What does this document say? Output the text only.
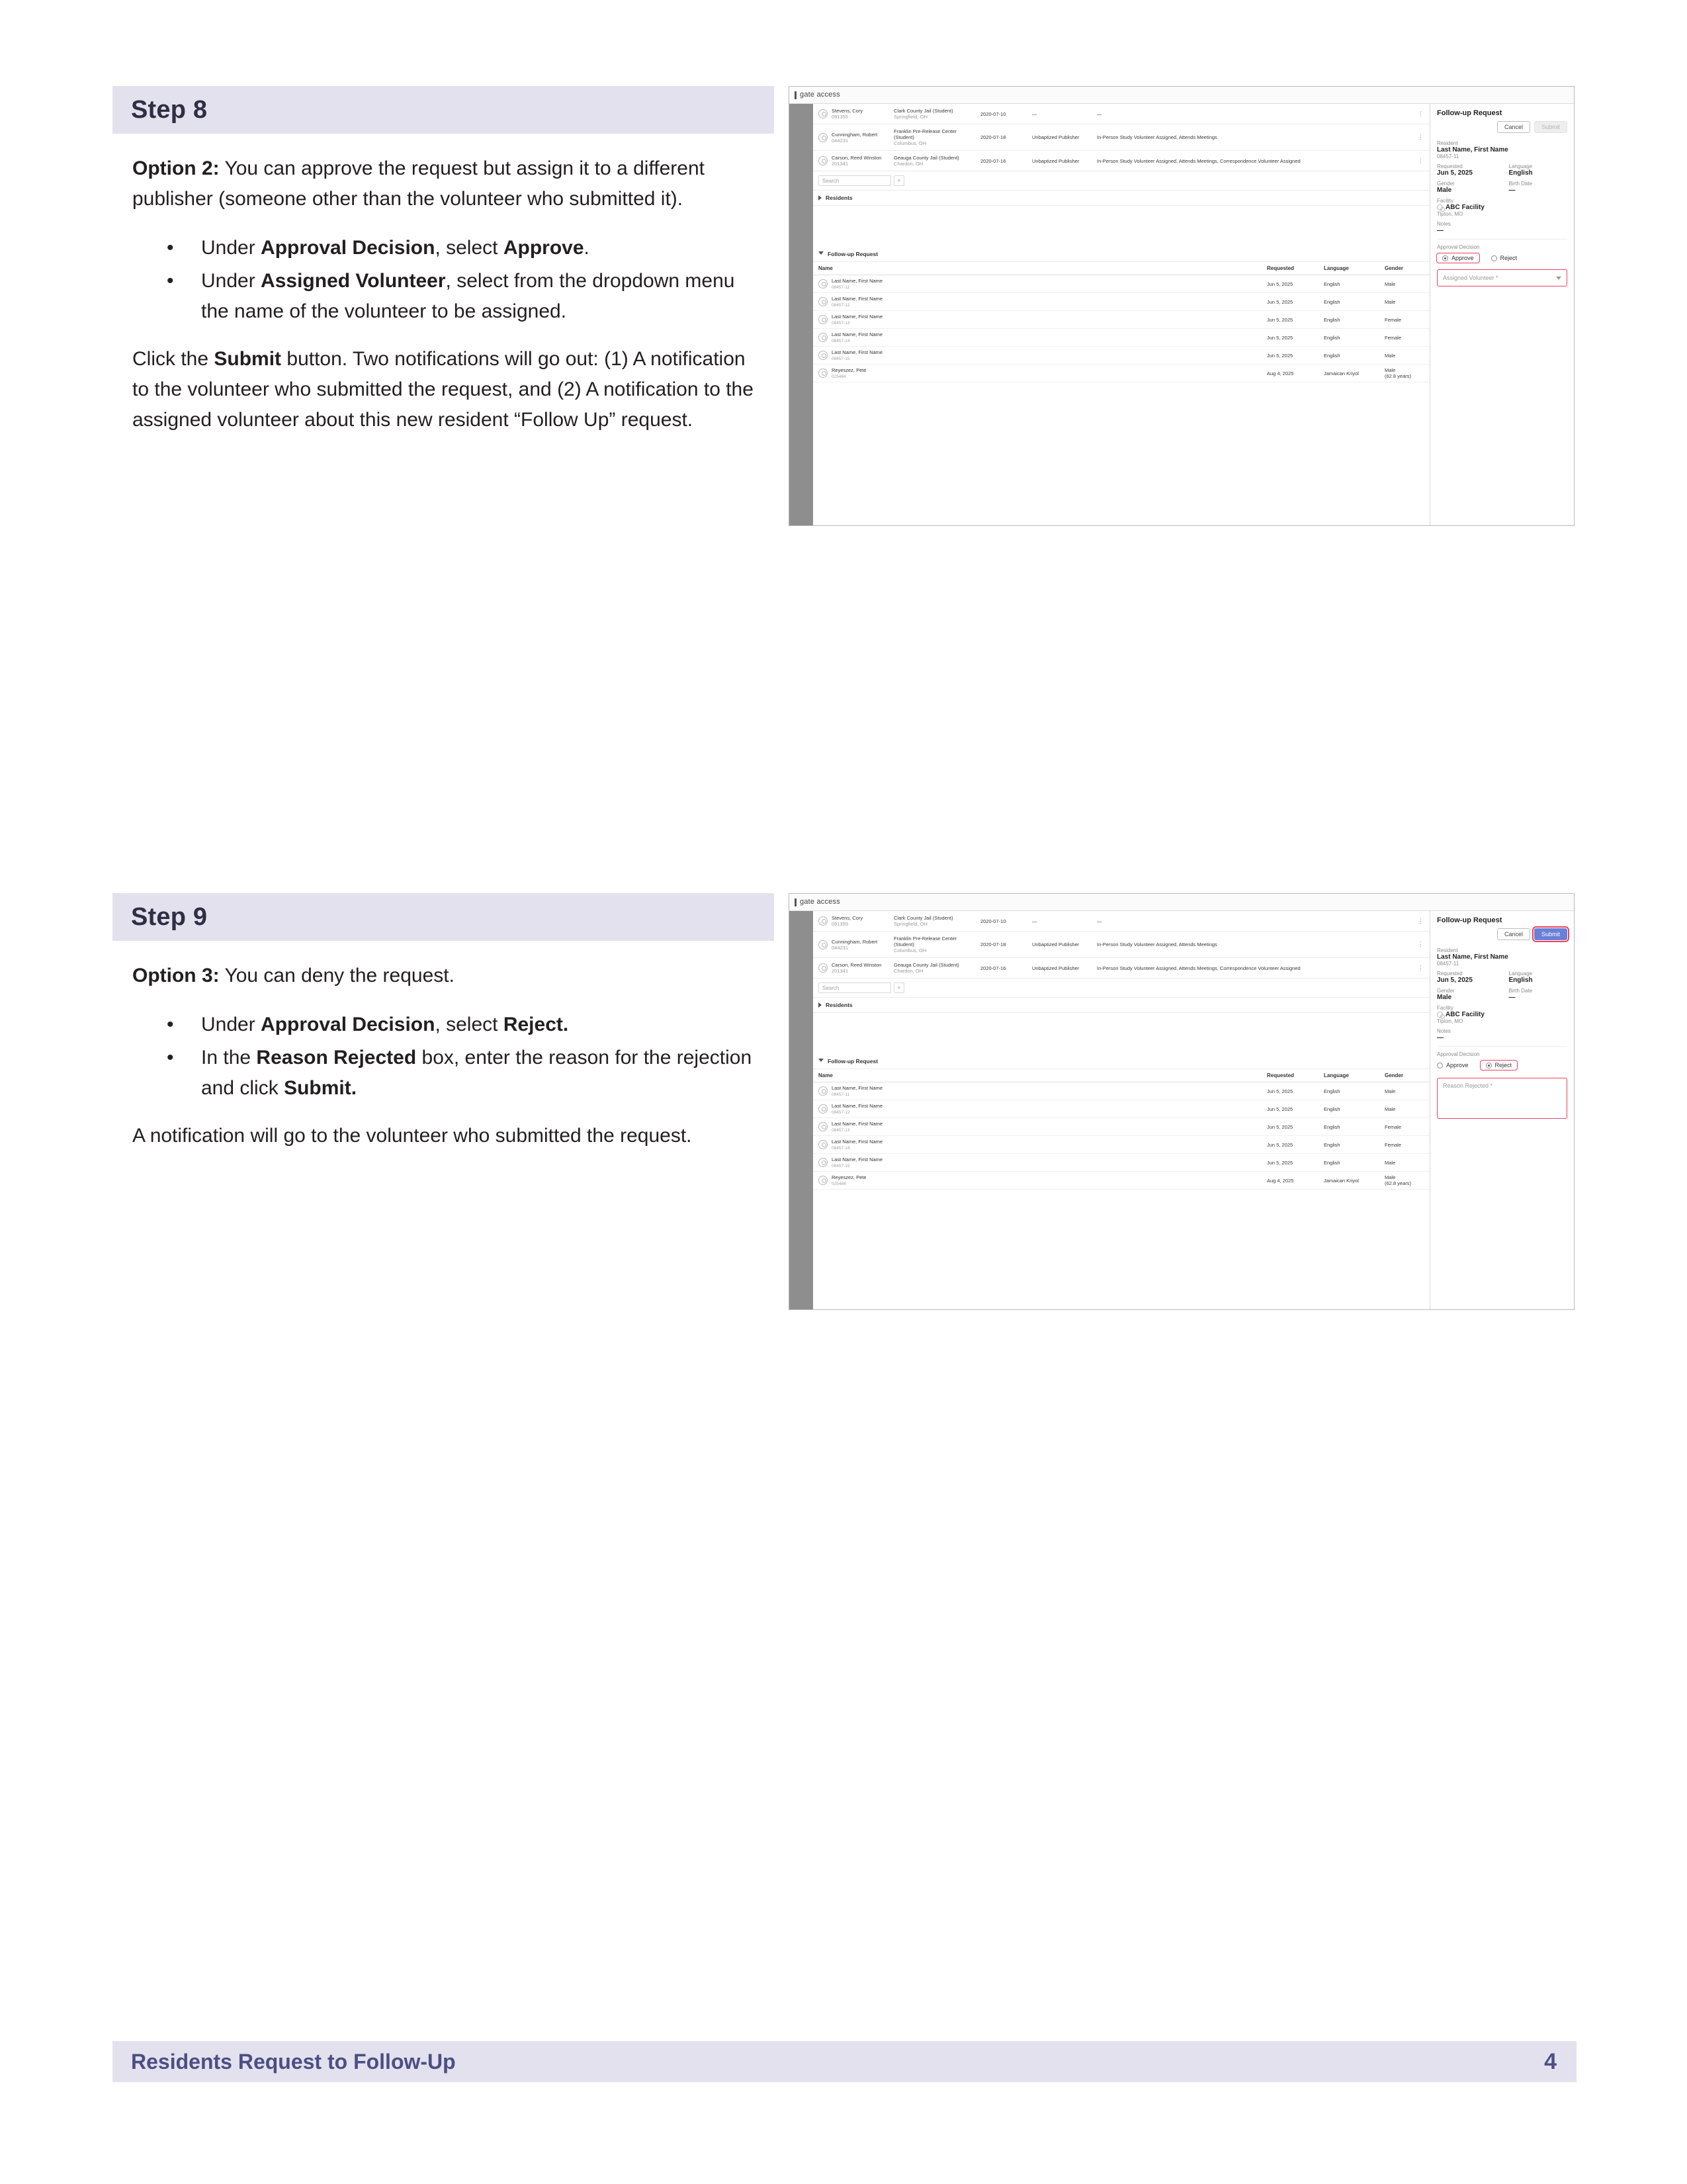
Step 8

Option 2: You can approve the request but assign it to a different publisher (someone other than the volunteer who submitted it).

• Under Approval Decision, select Approve.
• Under Assigned Volunteer, select from the dropdown menu the name of the volunteer to be assigned.

Click the Submit button. Two notifications will go out: (1) A notification to the volunteer who submitted the request, and (2) A notification to the assigned volunteer about this new resident “Follow Up” request.

gate access
Stevens, Cory
091355
Clark County Jail (Student)
Springfield, OH	2020-07-10	—	—	⋮
Cunningham, Robert
044231
Franklin Pre-Release Center (Student)
Columbus, OH
2020-07-18	Unbaptized Publisher	In-Person Study Volunteer Assigned, Attends Meetings	⋮
Carson, Reed Winston
201341
Geauga County Jail (Student)
Chardon, OH	2020-07-16	Unbaptized Publisher	In-Person Study Volunteer Assigned, Attends Meetings, Correspondence Volunteer Assigned	⋮
Search	⌕
Residents
Follow-up Request
Name	Requested	Language	Gender
Last Name, First Name
08457-11
Jun 5, 2025	English	Male
Last Name, First Name
08457-12
Jun 5, 2025	English	Male
Last Name, First Name
08457-13
Jun 5, 2025	English	Female
Last Name, First Name
08457-14
Jun 5, 2025	English	Female
Last Name, First Name
08457-15
Jun 5, 2025	English	Male
Reyeszez, Pete
025484
Aug 4, 2025	Jamaican Kriyol	Male
(62.8 years)
Follow-up Request
Cancel	Submit
Resident
Last Name, First Name
08457-11
Requested
Jun 5, 2025
Language
English
Gender
Male
Birth Date
—
Facility
ABC Facility
Tipton, MO
Notes
—
Approval Decision
Approve	Reject
Assigned Volunteer *
Step 9

Option 3: You can deny the request.

• Under Approval Decision, select Reject.
• In the Reason Rejected box, enter the reason for the rejection and click Submit.

A notification will go to the volunteer who submitted the request.

gate access
Stevens, Cory
091355
Clark County Jail (Student)
Springfield, OH	2020-07-10	—	—	⋮
Cunningham, Robert
044231
Franklin Pre-Release Center (Student)
Columbus, OH
2020-07-18	Unbaptized Publisher	In-Person Study Volunteer Assigned, Attends Meetings	⋮
Carson, Reed Winston
201341
Geauga County Jail (Student)
Chardon, OH	2020-07-16	Unbaptized Publisher	In-Person Study Volunteer Assigned, Attends Meetings, Correspondence Volunteer Assigned	⋮
Search	⌕
Residents
Follow-up Request
Name	Requested	Language	Gender
Last Name, First Name
08457-11
Jun 5, 2025	English	Male
Last Name, First Name
08457-12
Jun 5, 2025	English	Male
Last Name, First Name
08457-13
Jun 5, 2025	English	Female
Last Name, First Name
08457-14
Jun 5, 2025	English	Female
Last Name, First Name
08457-15
Jun 5, 2025	English	Male
Reyeszez, Pete
025484
Aug 4, 2025	Jamaican Kriyol	Male
(62.8 years)
Follow-up Request
Cancel	Submit
Resident
Last Name, First Name
08457-11
Requested
Jun 5, 2025
Language
English
Gender
Male
Birth Date
—
Facility
ABC Facility
Tipton, MO
Notes
—
Approval Decision
Approve	Reject
Reason Rejected *
Residents Request to Follow-Up	4
